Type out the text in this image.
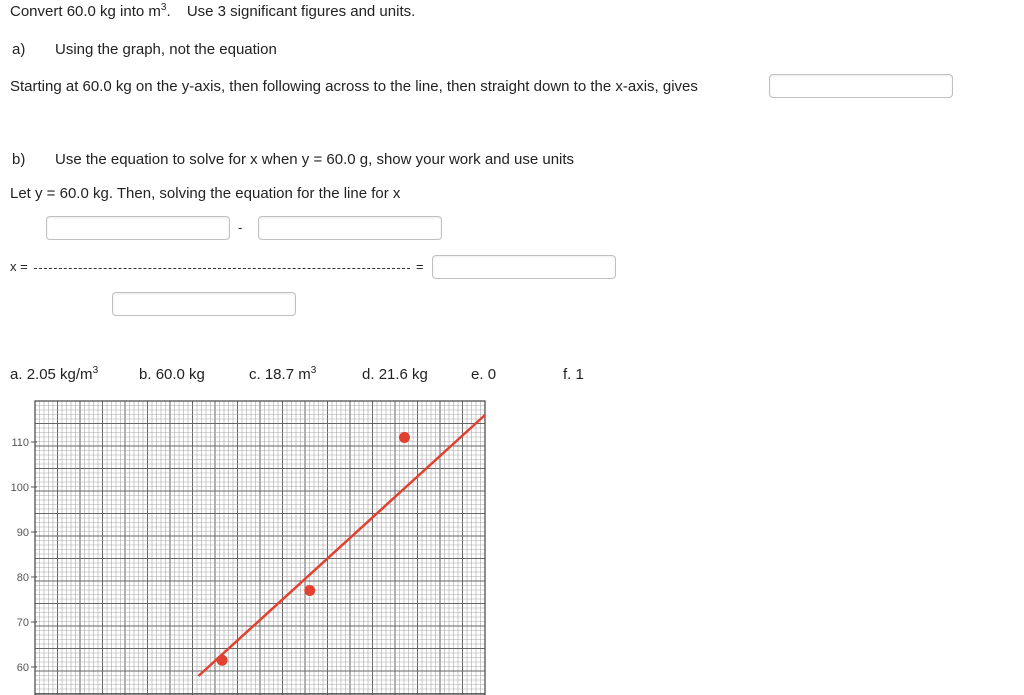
Convert 60.0 kg into $m^3$. Use 3 significant figures and units.
a) Using the graph, not the equation
Starting at 60.0 kg on the y-axis, then following across to the line, then straight down to the x-axis, gives
b) Use the equation to solve for x when y = 60.0 g, show your work and use units
Let y = 60.0 kg. Then, solving the equation for the line for x
-
x =	=
a. 2.05 $kg/m^3$	b. 60.0 kg	c. 18.7 $m^3$	d. 21.6 kg	e. 0	f. 1
110
100
90
80
70
60
